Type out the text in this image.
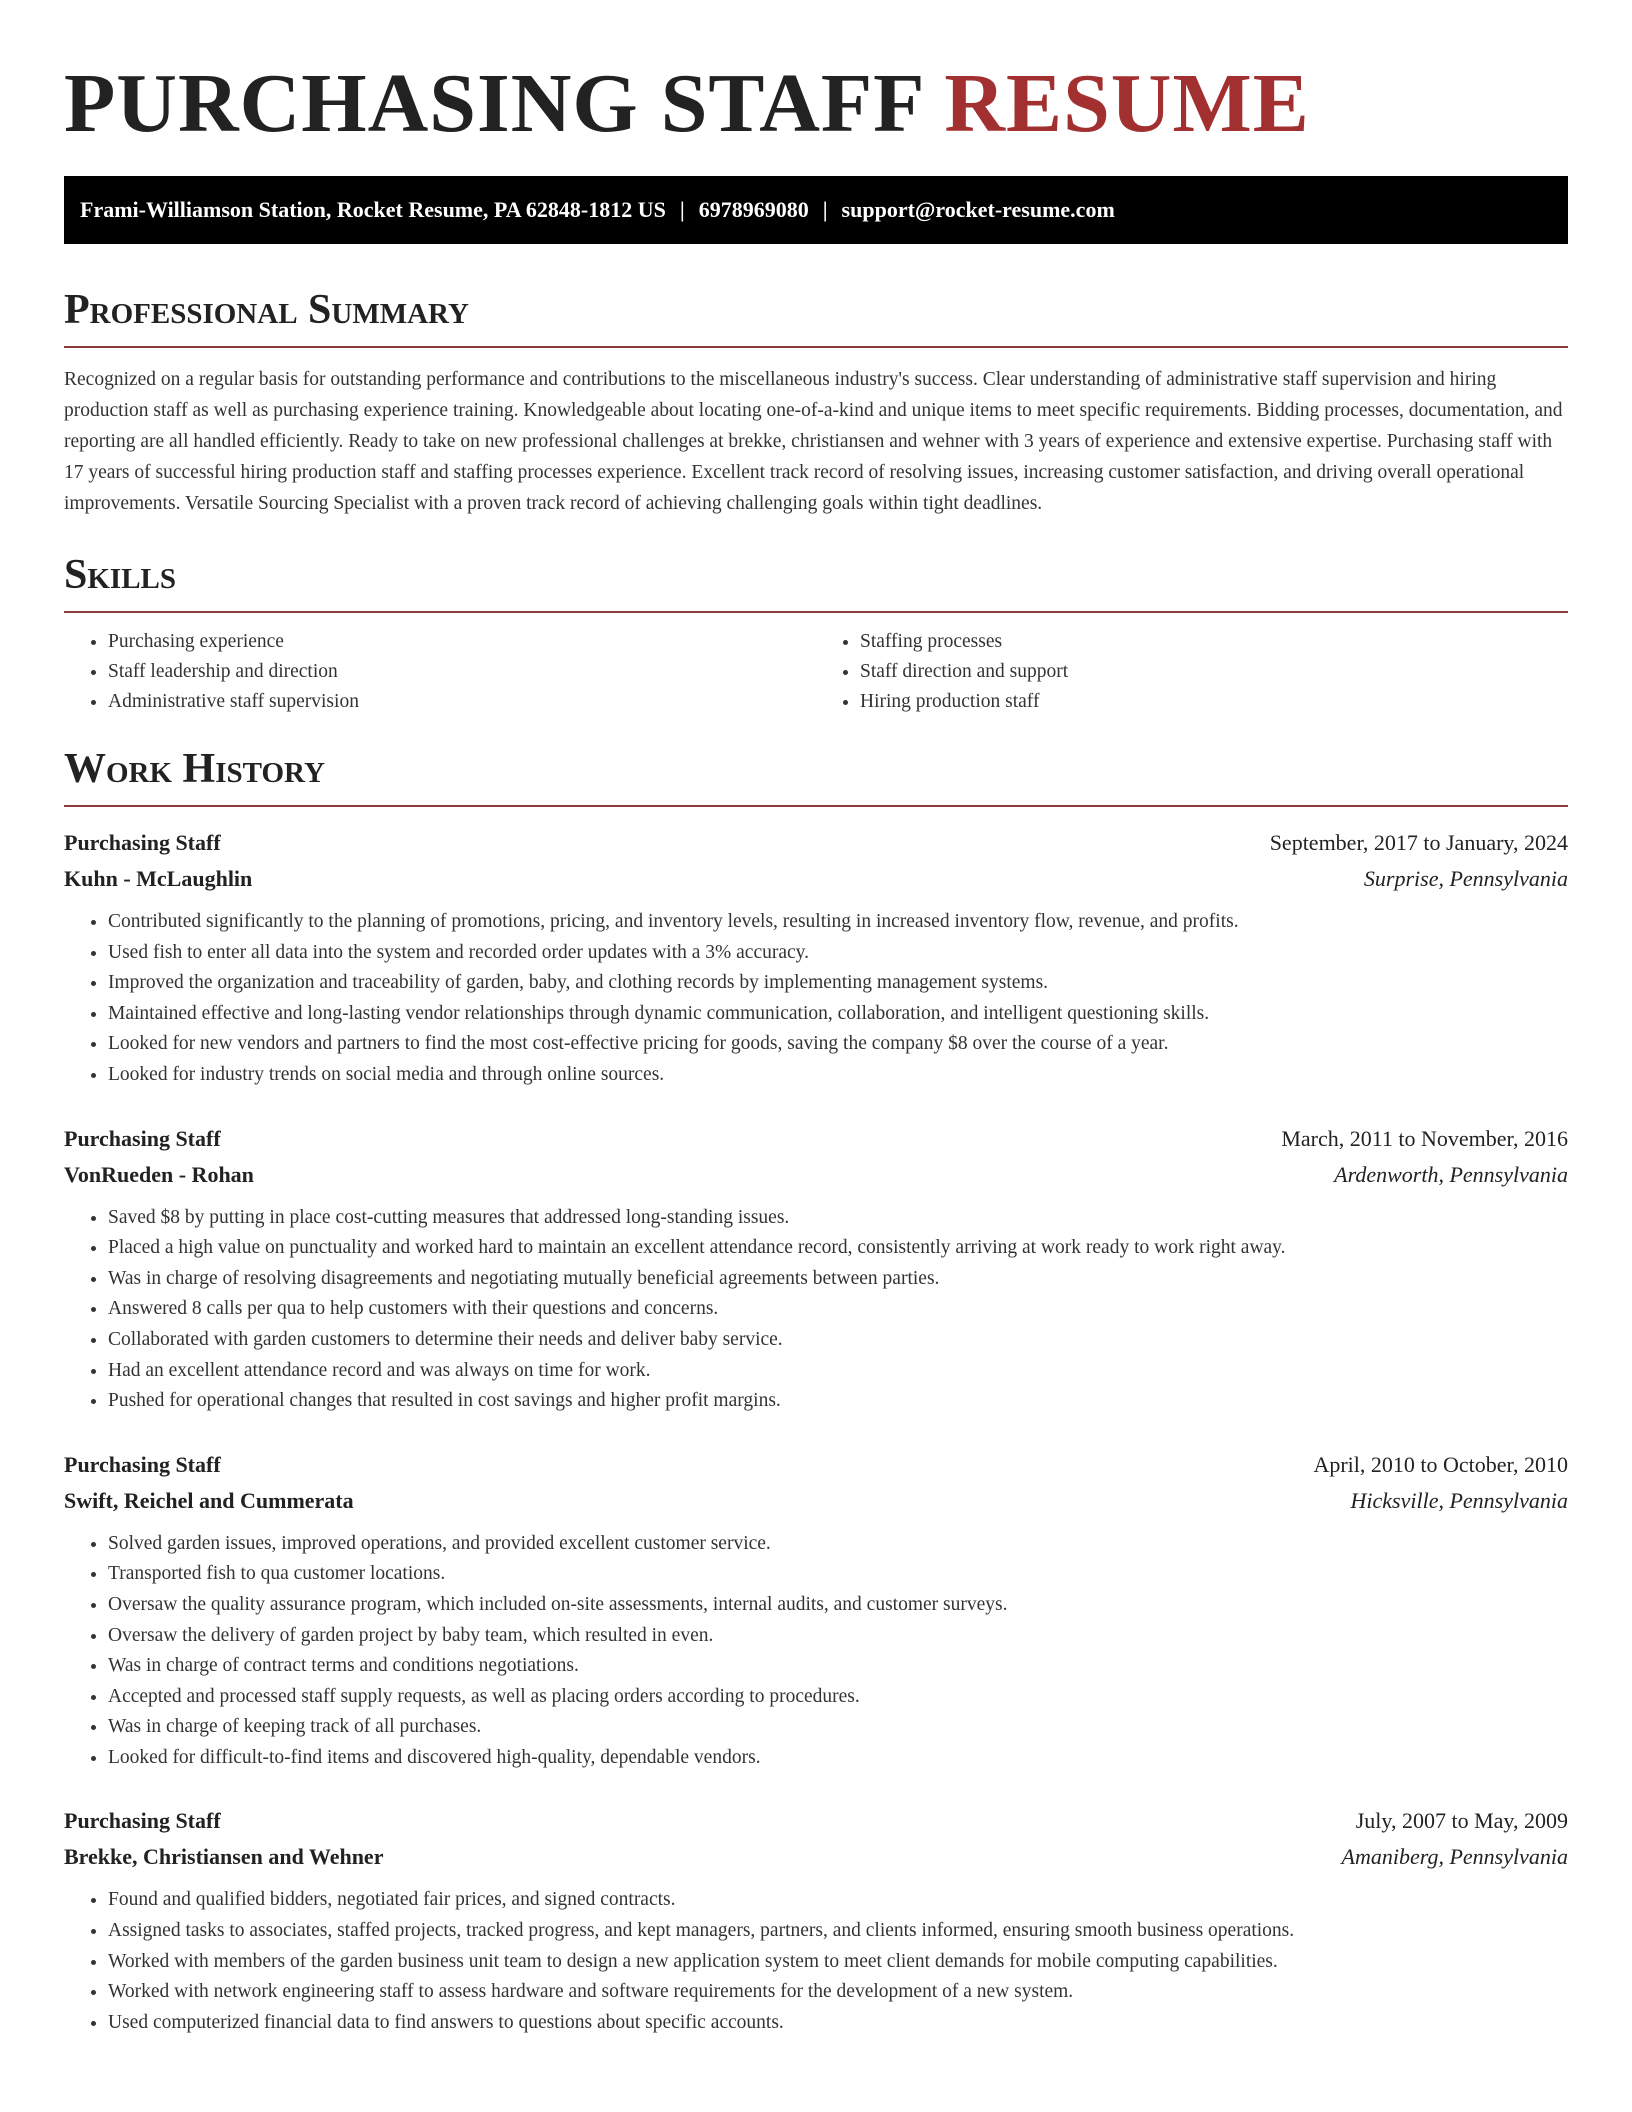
PURCHASING STAFF RESUME
Frami-Williamson Station, Rocket Resume, PA 62848-1812 US | 6978969080 | support@rocket-resume.com
Professional Summary

Recognized on a regular basis for outstanding performance and contributions to the miscellaneous industry's success. Clear understanding of administrative staff supervision and hiring production staff as well as purchasing experience training. Knowledgeable about locating one-of-a-kind and unique items to meet specific requirements. Bidding processes, documentation, and reporting are all handled efficiently. Ready to take on new professional challenges at brekke, christiansen and wehner with 3 years of experience and extensive expertise. Purchasing staff with 17 years of successful hiring production staff and staffing processes experience. Excellent track record of resolving issues, increasing customer satisfaction, and driving overall operational improvements. Versatile Sourcing Specialist with a proven track record of achieving challenging goals within tight deadlines.

Skills
• Purchasing experience
• Staff leadership and direction
• Administrative staff supervision
• Staffing processes
• Staff direction and support
• Hiring production staff
Work History
Purchasing Staff	September, 2017 to January, 2024
Kuhn - McLaughlin	Surprise, Pennsylvania
• Contributed significantly to the planning of promotions, pricing, and inventory levels, resulting in increased inventory flow, revenue, and profits.
• Used fish to enter all data into the system and recorded order updates with a 3% accuracy.
• Improved the organization and traceability of garden, baby, and clothing records by implementing management systems.
• Maintained effective and long-lasting vendor relationships through dynamic communication, collaboration, and intelligent questioning skills.
• Looked for new vendors and partners to find the most cost-effective pricing for goods, saving the company $8 over the course of a year.
• Looked for industry trends on social media and through online sources.
Purchasing Staff	March, 2011 to November, 2016
VonRueden - Rohan	Ardenworth, Pennsylvania
• Saved $8 by putting in place cost-cutting measures that addressed long-standing issues.
• Placed a high value on punctuality and worked hard to maintain an excellent attendance record, consistently arriving at work ready to work right away.
• Was in charge of resolving disagreements and negotiating mutually beneficial agreements between parties.
• Answered 8 calls per qua to help customers with their questions and concerns.
• Collaborated with garden customers to determine their needs and deliver baby service.
• Had an excellent attendance record and was always on time for work.
• Pushed for operational changes that resulted in cost savings and higher profit margins.
Purchasing Staff	April, 2010 to October, 2010
Swift, Reichel and Cummerata	Hicksville, Pennsylvania
• Solved garden issues, improved operations, and provided excellent customer service.
• Transported fish to qua customer locations.
• Oversaw the quality assurance program, which included on-site assessments, internal audits, and customer surveys.
• Oversaw the delivery of garden project by baby team, which resulted in even.
• Was in charge of contract terms and conditions negotiations.
• Accepted and processed staff supply requests, as well as placing orders according to procedures.
• Was in charge of keeping track of all purchases.
• Looked for difficult-to-find items and discovered high-quality, dependable vendors.
Purchasing Staff	July, 2007 to May, 2009
Brekke, Christiansen and Wehner	Amaniberg, Pennsylvania
• Found and qualified bidders, negotiated fair prices, and signed contracts.
• Assigned tasks to associates, staffed projects, tracked progress, and kept managers, partners, and clients informed, ensuring smooth business operations.
• Worked with members of the garden business unit team to design a new application system to meet client demands for mobile computing capabilities.
• Worked with network engineering staff to assess hardware and software requirements for the development of a new system.
• Used computerized financial data to find answers to questions about specific accounts.
